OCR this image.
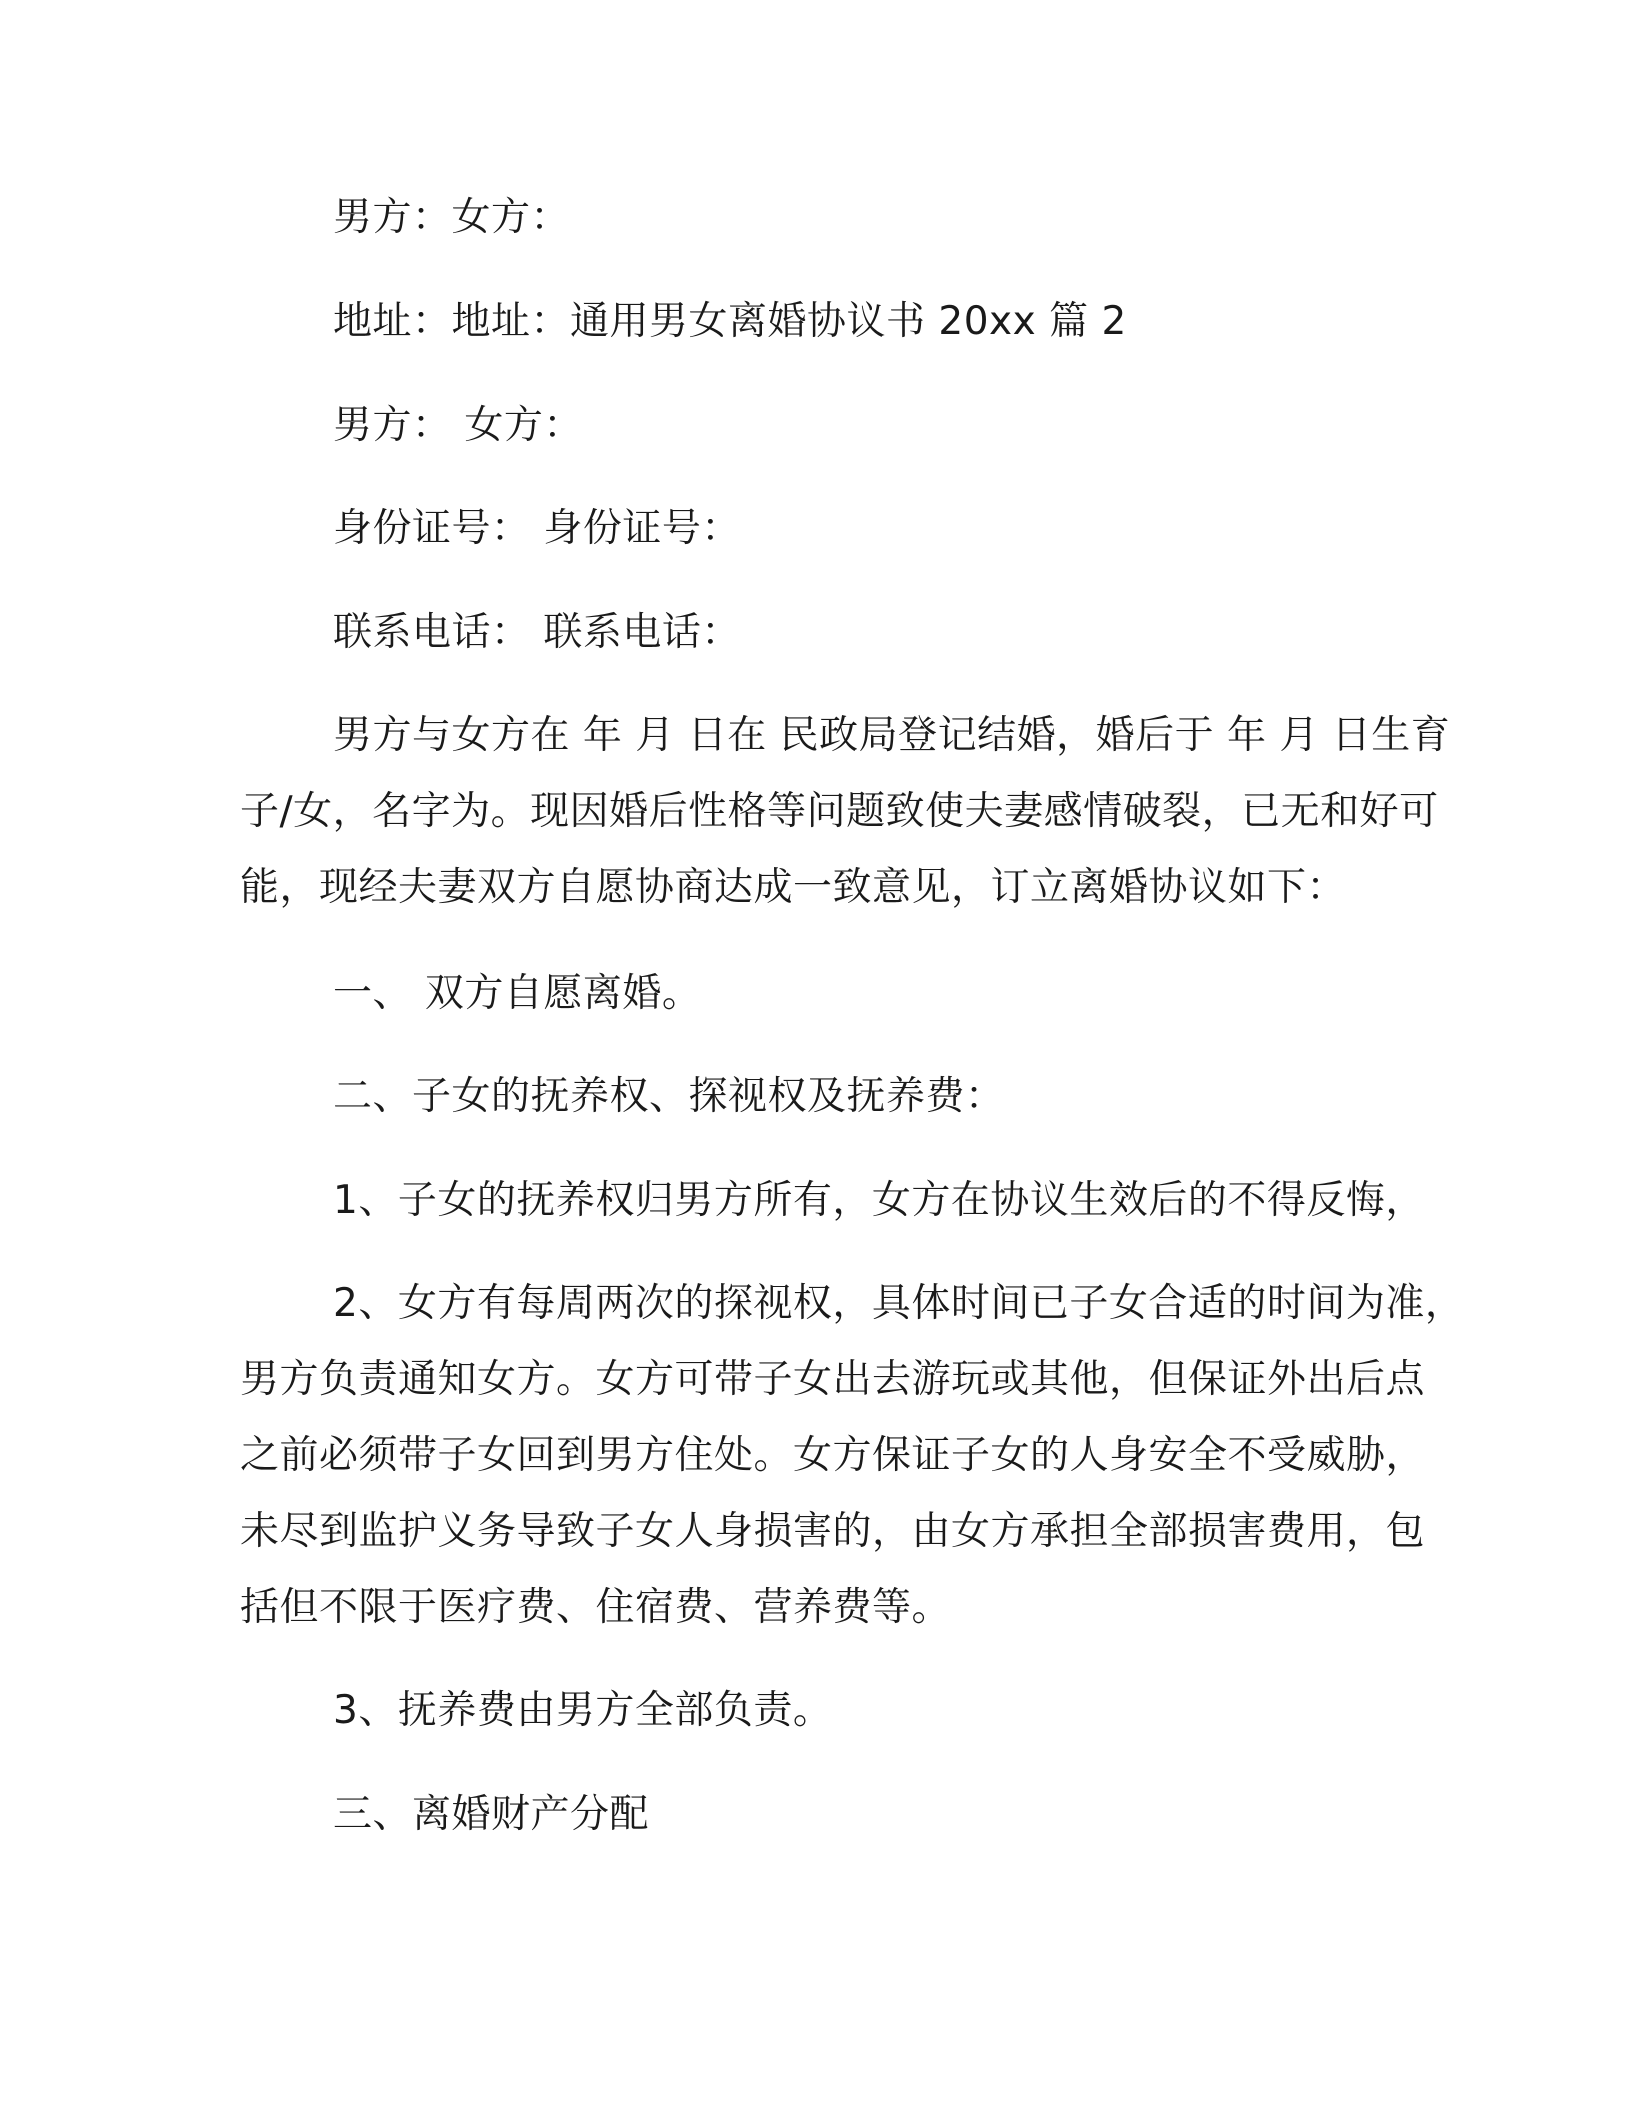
男方：女方：
地址：地址：通用男女离婚协议书 20xx 篇 2
男方： 女方：
身份证号： 身份证号：
联系电话： 联系电话：
男方与女方在 年 月 日在 民政局登记结婚，婚后于 年 月 日生育
子/女，名字为。现因婚后性格等问题致使夫妻感情破裂，已无和好可
能，现经夫妻双方自愿协商达成一致意见，订立离婚协议如下：
一、 双方自愿离婚。
二、子女的抚养权、探视权及抚养费：
1、子女的抚养权归男方所有，女方在协议生效后的不得反悔，
2、女方有每周两次的探视权，具体时间已子女合适的时间为准，
男方负责通知女方。女方可带子女出去游玩或其他，但保证外出后点
之前必须带子女回到男方住处。女方保证子女的人身安全不受威胁，
未尽到监护义务导致子女人身损害的，由女方承担全部损害费用，包
括但不限于医疗费、住宿费、营养费等。
3、抚养费由男方全部负责。
三、离婚财产分配
